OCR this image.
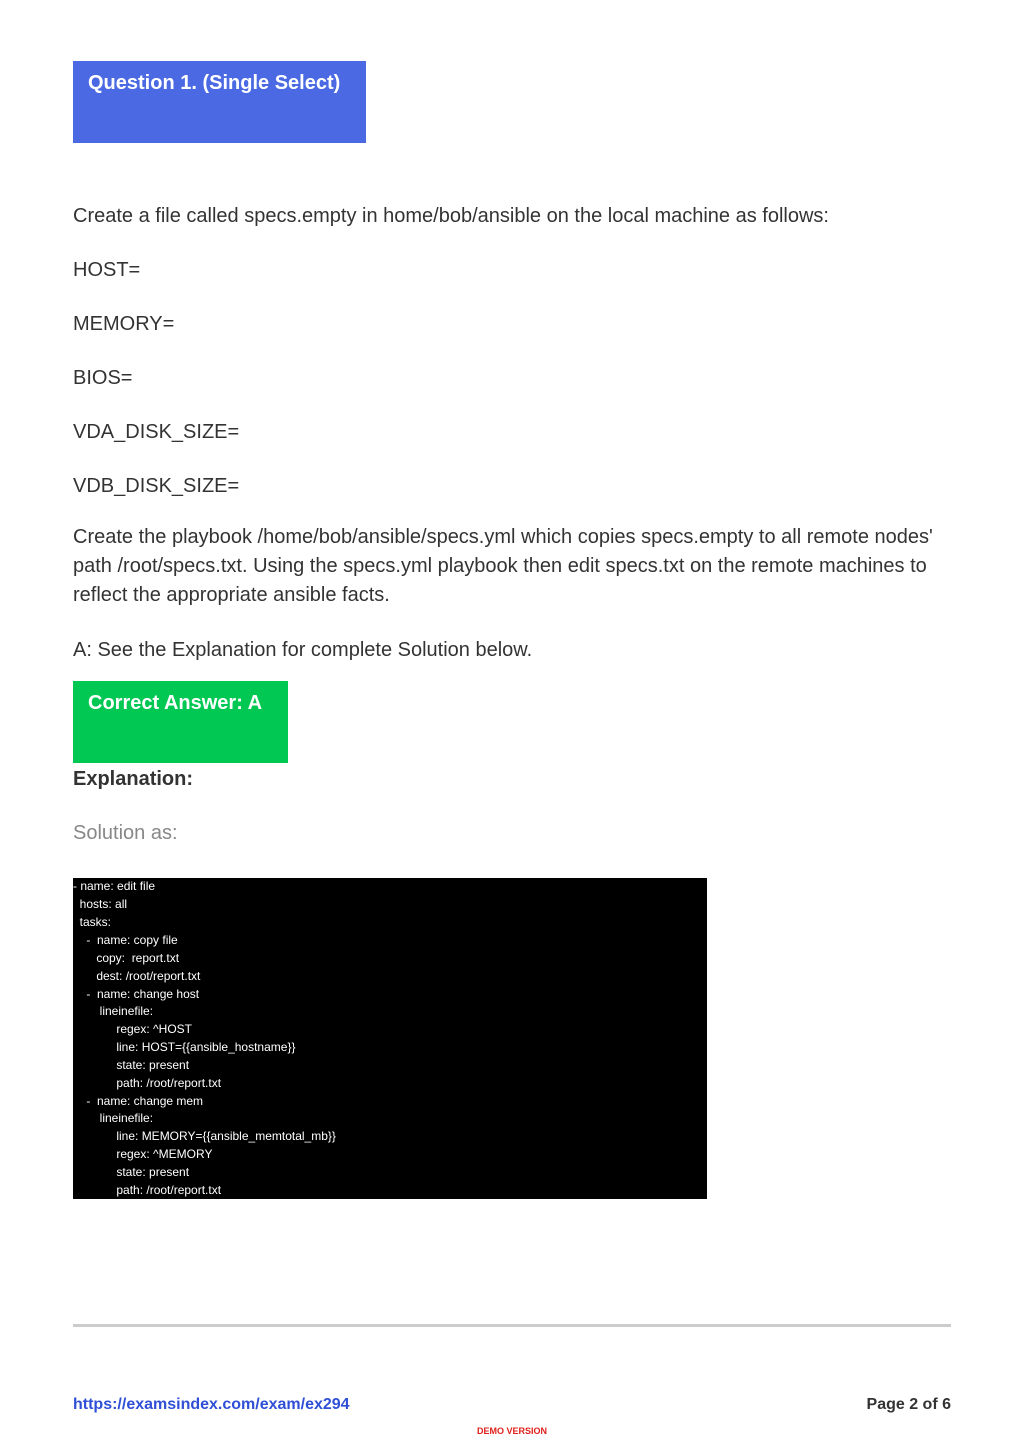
Question 1. (Single Select)
Create a file called specs.empty in home/bob/ansible on the local machine as follows:
HOST=
MEMORY=
BIOS=
VDA_DISK_SIZE=
VDB_DISK_SIZE=
Create the playbook /home/bob/ansible/specs.yml which copies specs.empty to all remote nodes' path /root/specs.txt. Using the specs.yml playbook then edit specs.txt on the remote machines to reflect the appropriate ansible facts.
A: See the Explanation for complete Solution below.
Correct Answer: A
Explanation:
Solution as:
- name: edit file
hosts: all
tasks:
-  name: copy file
copy:  report.txt
dest: /root/report.txt
-  name: change host
lineinefile:
regex: ^HOST
line: HOST={{ansible_hostname}}
state: present
path: /root/report.txt
-  name: change mem
lineinefile:
line: MEMORY={{ansible_memtotal_mb}}
regex: ^MEMORY
state: present
path: /root/report.txt
https://examsindex.com/exam/ex294	Page 2 of 6
DEMO VERSION
